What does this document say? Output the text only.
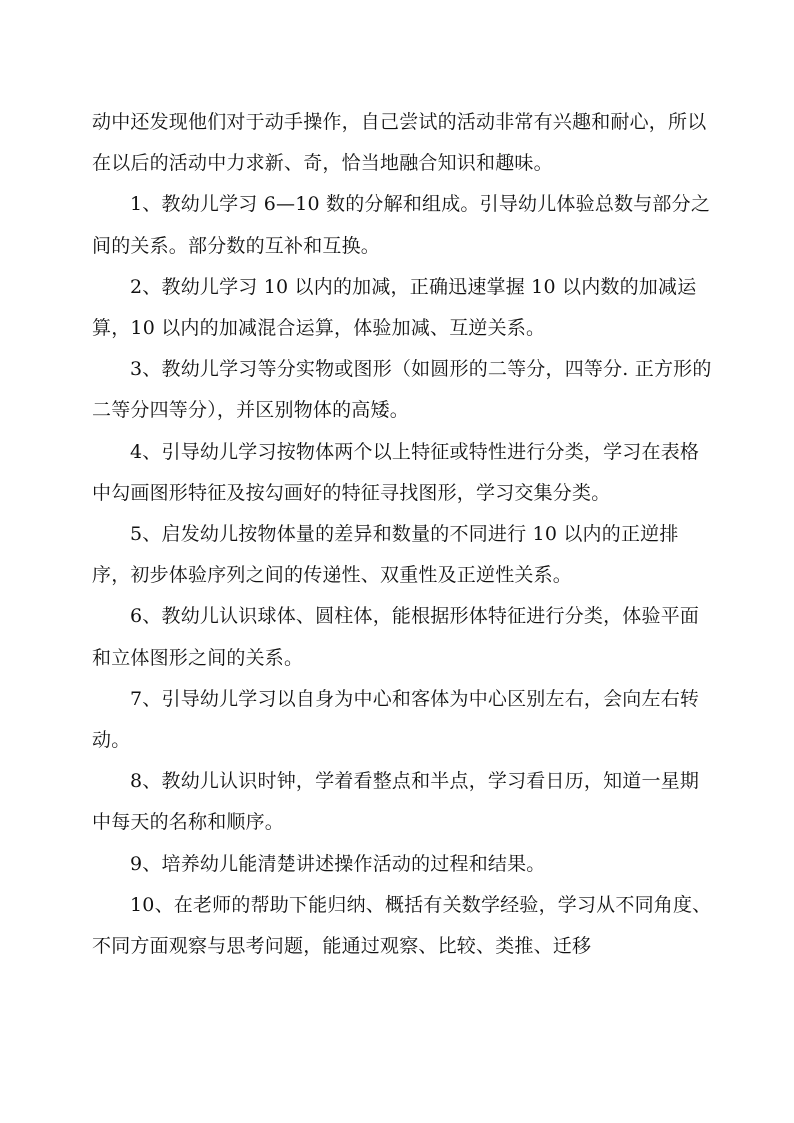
动中还发现他们对于动手操作，自己尝试的活动非常有兴趣和耐心，所以在以后的活动中力求新、奇，恰当地融合知识和趣味。

1、教幼儿学习 6—10 数的分解和组成。引导幼儿体验总数与部分之间的关系。部分数的互补和互换。

2、教幼儿学习 10 以内的加减，正确迅速掌握 10 以内数的加减运算，10 以内的加减混合运算，体验加减、互逆关系。

3、教幼儿学习等分实物或图形（如圆形的二等分，四等分. 正方形的二等分四等分），并区别物体的高矮。

4、引导幼儿学习按物体两个以上特征或特性进行分类，学习在表格中勾画图形特征及按勾画好的特征寻找图形，学习交集分类。

5、启发幼儿按物体量的差异和数量的不同进行 10 以内的正逆排序，初步体验序列之间的传递性、双重性及正逆性关系。

6、教幼儿认识球体、圆柱体，能根据形体特征进行分类，体验平面和立体图形之间的关系。

7、引导幼儿学习以自身为中心和客体为中心区别左右，会向左右转动。

8、教幼儿认识时钟，学着看整点和半点，学习看日历，知道一星期中每天的名称和顺序。

9、培养幼儿能清楚讲述操作活动的过程和结果。

10、在老师的帮助下能归纳、概括有关数学经验，学习从不同角度、不同方面观察与思考问题，能通过观察、比较、类推、迁移
